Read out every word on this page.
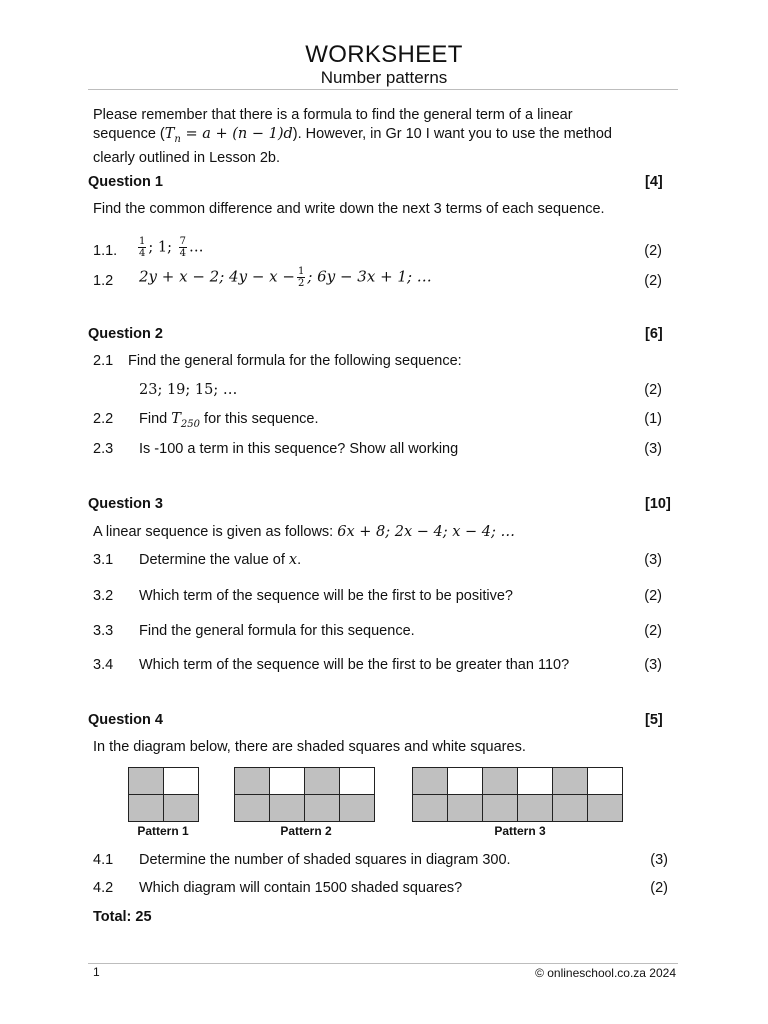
WORKSHEET
Number patterns
Please remember that there is a formula to find the general term of a linear
sequence $(T_n = a + (n - 1)d)$. However, in Gr 10 I want you to use the method
clearly outlined in Lesson 2b.
Question 1	[4]
Find the common difference and write down the next 3 terms of each sequence.
1.1. $\frac{1}{4}$ ; 1; $\frac{7}{4}$ …	(2)
1.2 2y + x − 2; $4y - x - \frac{1}{2}$ ; 6y − 3x + 1; …	(2)
Question 2	[6]
2.1 Find the general formula for the following sequence:
23; 19; 15; …	(2)
2.2 Find $T_{250}$ for this sequence.	(1)
2.3 Is -100 a term in this sequence? Show all working	(3)
Question 3	[10]
A linear sequence is given as follows: 6x + 8; 2x − 4; x − 4; …
3.1 Determine the value of x.	(3)
3.2 Which term of the sequence will be the first to be positive?	(2)
3.3 Find the general formula for this sequence.	(2)
3.4 Which term of the sequence will be the first to be greater than 110?	(3)
Question 4	[5]
In the diagram below, there are shaded squares and white squares.
Pattern 1	Pattern 2	Pattern 3
4.1 Determine the number of shaded squares in diagram 300.	(3)
4.2 Which diagram will contain 1500 shaded squares?	(2)
Total: 25
1	© onlineschool.co.za 2024
